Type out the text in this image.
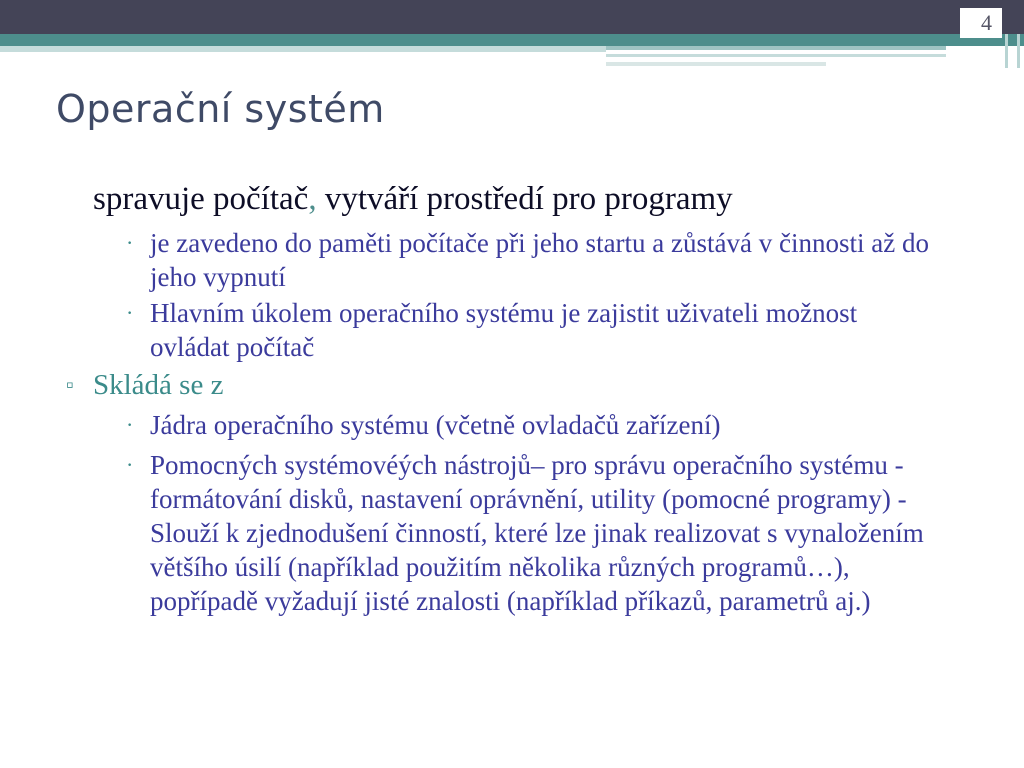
4
Operační systém
spravuje počítač, vytváří prostředí pro programy
· je zavedeno do paměti počítače při jeho startu a zůstává v činnosti až do jeho vypnutí
· Hlavním úkolem operačního systému je zajistit uživateli možnost ovládat počítač
▫ Skládá se z
· Jádra operačního systému (včetně ovladačů zařízení)
· Pomocných systémovéých nástrojů– pro správu operačního systému - formátování disků, nastavení oprávnění, utility (pomocné programy) - Slouží k zjednodušení činností, které lze jinak realizovat s vynaložením většího úsilí (například použitím několika různých programů…), popřípadě vyžadují jisté znalosti (například příkazů, parametrů aj.)
